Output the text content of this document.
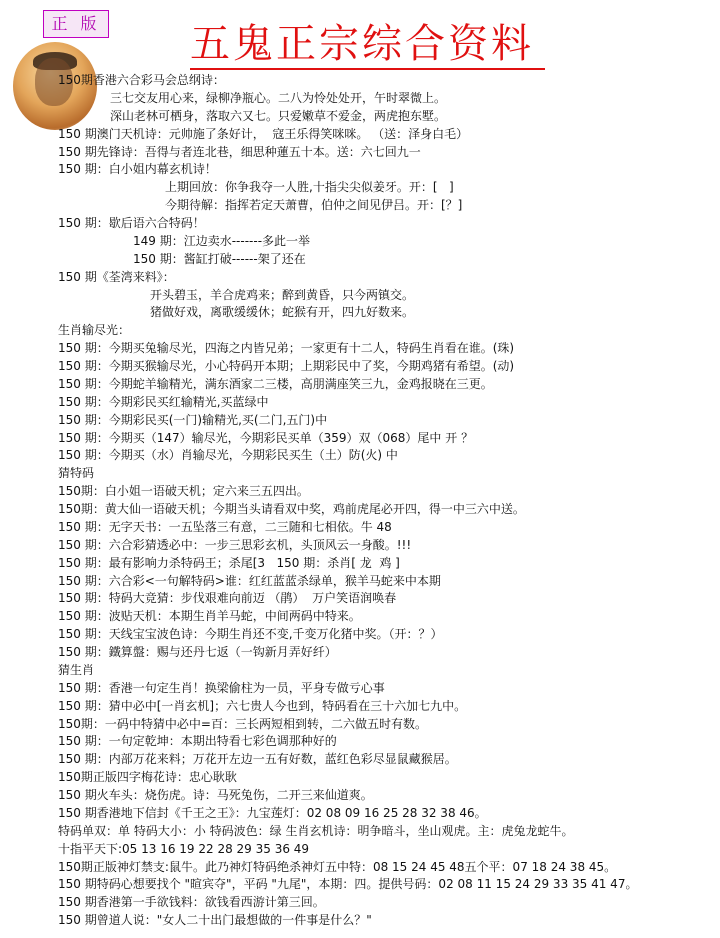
正 版 五鬼正宗综合资料
150期香港六合彩马会总纲诗：
三七交友用心来，绿柳净瓶心。二八为怜处处开，午时翠微上。
深山老林可栖身，落取六又七。只爱嫩草不爱金，两虎抱东墅。
150 期澳门天机诗：元帅施了条好计，  寇王乐得笑咪咪。 （送：泽身白毛）
150 期先锋诗：吾得与者连北巷，细思种蓮五十本。送：六七回九一
150 期：白小姐内幕玄机诗！
上期回放：你争我夺一人胜,十指尖尖似姜牙。开：[   ]
今期待解：指挥若定天萧曹，伯仲之间见伊吕。开：[？]
150 期：歇后语六合特码！
149 期：江边卖水-------多此一举
150 期：酱缸打破------架了还在
150 期《荃湾来料》：
开头碧玉，羊合虎鸡来；醉到黄昏，只今两镇交。
猪做好戏，离歌缓缓休；蛇猴有开，四九好数来。
生肖输尽光：
150 期：今期买兔输尽光，四海之内皆兄弟；一家更有十二人，特码生肖看在谁。(珠)
150 期：今期买猴输尽光，小心特码开本期；上期彩民中了奖，今期鸡猪有希望。(动)
150 期：今期蛇羊输精光，满东酒家二三楼，高朋满座笑三九，金鸡报晓在三更。
150 期：今期彩民买红输精光,买蓝绿中
150 期：今期彩民买(一门)输精光,买(二门,五门)中
150 期：今期买（147）输尽光，今期彩民买单（359）双（068）尾中 开 ？
150 期：今期买（水）肖输尽光，今期彩民买生（土）防(火) 中
猜特码
150期：白小姐一语破天机；定六来三五四出。
150期：黄大仙一语破天机；今期当头请看双中奖，鸡前虎尾必开四，得一中三六中送。
150 期：无字天书：一五坠落三有意，二三随和七相依。牛 48
150 期：六合彩猜透必中：一步三思彩玄机，头顶风云一身酸。!!!
150 期：最有影响力杀特码王；杀尾[3   150 期：杀肖[ 龙  鸡 ]
150 期：六合彩<一句解特码>谁：红红蓝蓝杀绿单，猴羊马蛇来中本期
150 期：特码大竞猜：步伐艰难向前迈 （鹃）  万户笑语润唤春
150 期：波贴天机：本期生肖羊马蛇，中间两码中特来。
150 期：天线宝宝波色诗：今期生肖还不变,千变万化猪中奖。（开：？）
150 期：鐵算盤：赐与还丹七返（一钩新月弄好纤）
猜生肖
150 期：香港一句定生肖！换梁偷柱为一员，平身专做亏心事
150 期：猜中必中[一肖玄机]；六七贵人今也到，特码看在三十六加七九中。
150期：一码中特猜中必中=百：三长两短相到转，二六做五时有数。
150 期：一句定乾坤：本期出特看七彩色调那种好的
150 期：内部万花来料；万花开左边一五有好数，蓝红色彩尽显鼠藏猴居。
150期正版四字梅花诗：忠心耿耿
150 期火车头：烧伤虎。诗：马死兔伤，二开三来仙道爽。
150 期香港地下信封《千王之王》：九宝莲灯：02 08 09 16 25 28 32 38 46。
特码单双：单 特码大小：小 特码波色：绿 生肖玄机诗：明争暗斗，坐山观虎。主：虎兔龙蛇牛。
十指平天下:05 13 16 19 22 28 29 35 36 49
150期正版神灯禁支:鼠牛。此乃神灯特码绝杀神灯五中特：08 15 24 45 48五个平：07 18 24 38 45。
150 期特码心想要找个 "暄宾夺"，平码 "九尾"，本期：四。提供号码：02 08 11 15 24 29 33 35 41 47。
150 期香港第一手欲钱料：欲钱看西游计第三回。
150 期曾道人说："女人二十出门最想做的一件事是什么？"
